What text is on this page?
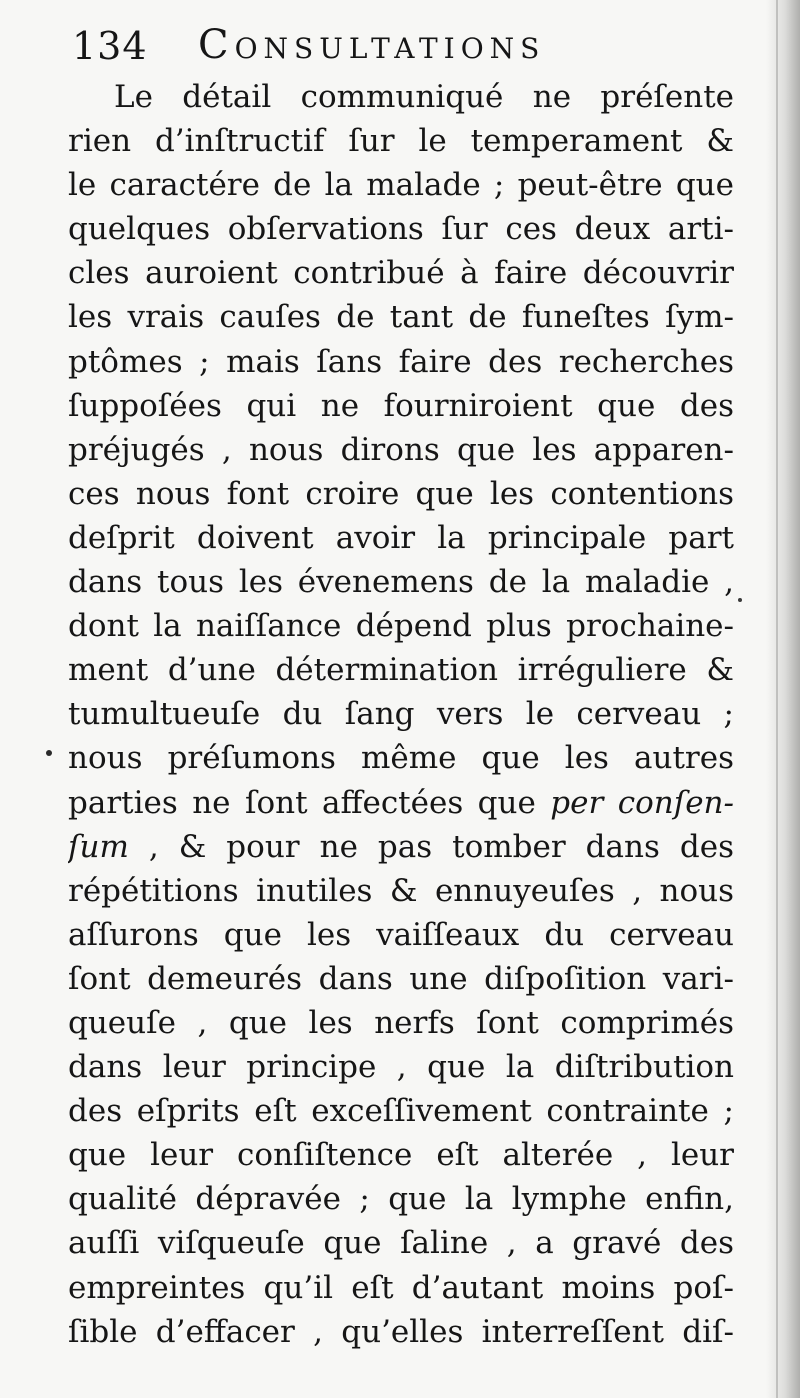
134 Consultations
Le détail communiqué ne préſente
rien d’inſtructif ſur le temperament &
le caractére de la malade ; peut-être que
quelques obſervations ſur ces deux arti-
cles auroient contribué à faire découvrir
les vrais cauſes de tant de funeſtes ſym-
ptômes ; mais ſans faire des recherches
ſuppoſées qui ne fourniroient que des
préjugés , nous dirons que les apparen-
ces nous font croire que les contentions
deſprit doivent avoir la principale part
dans tous les évenemens de la maladie ,
dont la naiſſance dépend plus prochaine-
ment d’une détermination irréguliere &
tumultueuſe du ſang vers le cerveau ;
nous préſumons même que les autres
parties ne ſont affectées que per conſen-
ſum , & pour ne pas tomber dans des
répétitions inutiles & ennuyeuſes , nous
aſſurons que les vaiſſeaux du cerveau
ſont demeurés dans une diſpoſition vari-
queuſe , que les nerfs ſont comprimés
dans leur principe , que la diſtribution
des eſprits eſt exceſſivement contrainte ;
que leur conſiſtence eſt alterée , leur
qualité dépravée ; que la lymphe enfin,
auſſi viſqueuſe que ſaline , a gravé des
empreintes qu’il eſt d’autant moins poſ-
ſible d’effacer , qu’elles interreſſent diſ-
